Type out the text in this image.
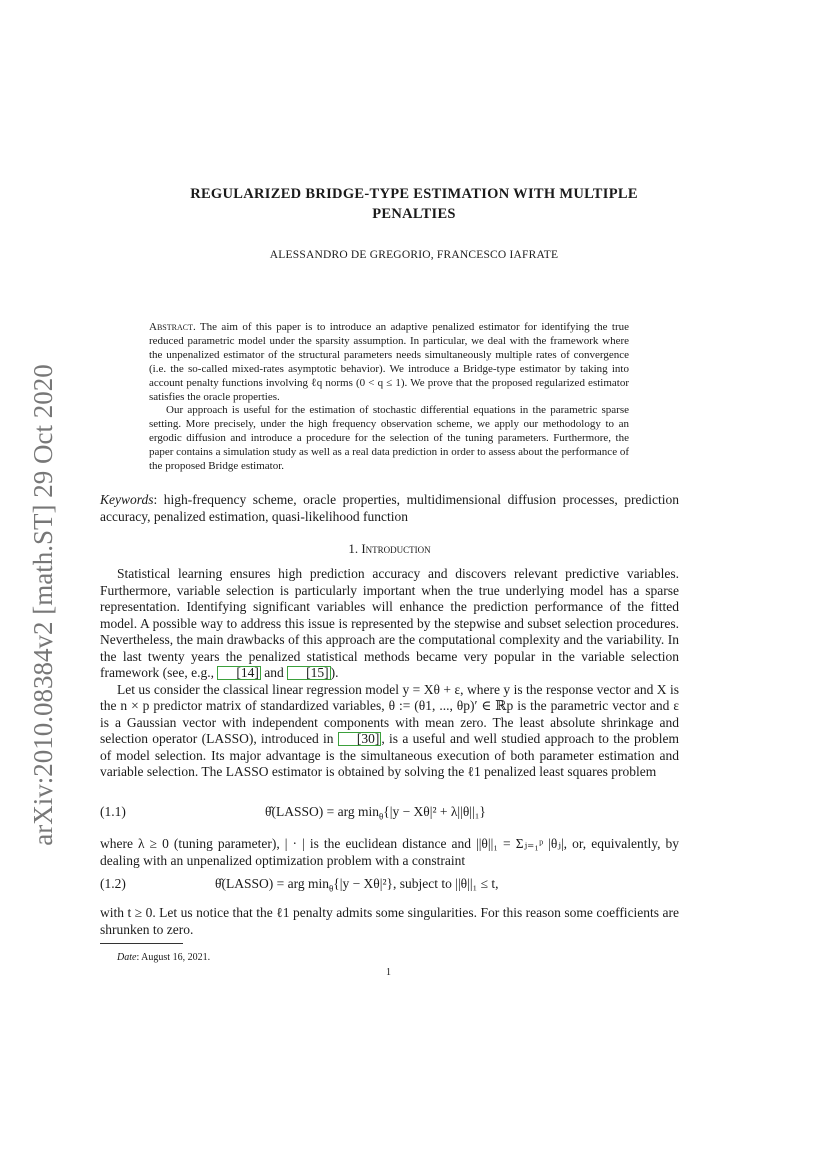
arXiv:2010.08384v2 [math.ST] 29 Oct 2020
REGULARIZED BRIDGE-TYPE ESTIMATION WITH MULTIPLE
PENALTIES
ALESSANDRO DE GREGORIO, FRANCESCO IAFRATE

Abstract. The aim of this paper is to introduce an adaptive penalized estimator for identifying the true reduced parametric model under the sparsity assumption. In particular, we deal with the framework where the unpenalized estimator of the structural parameters needs simultaneously multiple rates of convergence (i.e. the so-called mixed-rates asymptotic behavior). We introduce a Bridge-type estimator by taking into account penalty functions involving ℓq norms (0 < q ≤ 1). We prove that the proposed regularized estimator satisfies the oracle properties.

Our approach is useful for the estimation of stochastic differential equations in the parametric sparse setting. More precisely, under the high frequency observation scheme, we apply our methodology to an ergodic diffusion and introduce a procedure for the selection of the tuning parameters. Furthermore, the paper contains a simulation study as well as a real data prediction in order to assess about the performance of the proposed Bridge estimator.

Keywords: high-frequency scheme, oracle properties, multidimensional diffusion processes, prediction accuracy, penalized estimation, quasi-likelihood function
1. Introduction

Statistical learning ensures high prediction accuracy and discovers relevant predictive variables. Furthermore, variable selection is particularly important when the true underlying model has a sparse representation. Identifying significant variables will enhance the prediction performance of the fitted model. A possible way to address this issue is represented by the stepwise and subset selection procedures. Nevertheless, the main drawbacks of this approach are the computational complexity and the variability. In the last twenty years the penalized statistical methods became very popular in the variable selection framework (see, e.g., [14] and [15] ).

Let us consider the classical linear regression model y = Xθ + ε, where y is the response vector and X is the n × p predictor matrix of standardized variables, θ := (θ1, ..., θp)′ ∈ ℝp is the parametric vector and ε is a Gaussian vector with independent components with mean zero. The least absolute shrinkage and selection operator (LASSO), introduced in [30] , is a useful and well studied approach to the problem of model selection. Its major advantage is the simultaneous execution of both parameter estimation and variable selection. The LASSO estimator is obtained by solving the ℓ1 penalized least squares problem

(1.1)	θ̂(LASSO) = arg $\min_\theta\{|y - X\theta|^2 + \lambda||\theta||_1\}$
where λ ≥ 0 (tuning parameter), | · | is the euclidean distance and ||θ||₁ = Σⱼ₌₁ᵖ |θⱼ|, or, equivalently, by dealing with an unpenalized optimization problem with a constraint
(1.2)	θ̂(LASSO) = arg $\min_\theta\{|y - X\theta|^2\}$, subject to ||θ||₁ ≤ t,
with t ≥ 0. Let us notice that the ℓ1 penalty admits some singularities. For this reason some coefficients are shrunken to zero.
Date: August 16, 2021.
1
